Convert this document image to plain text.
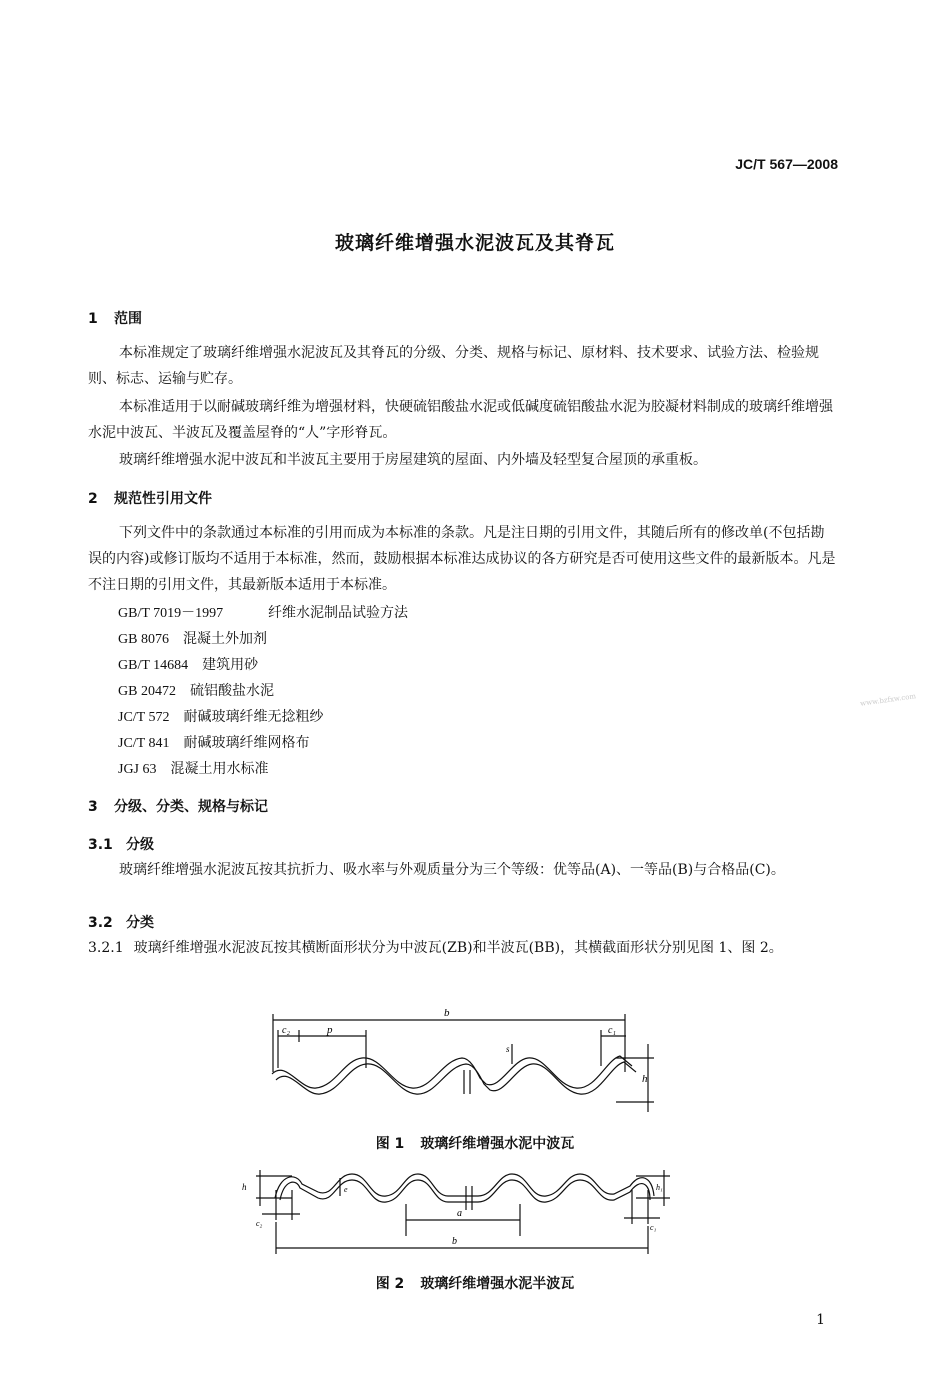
JC/T 567—2008
玻璃纤维增强水泥波瓦及其脊瓦
1 范围
本标准规定了玻璃纤维增强水泥波瓦及其脊瓦的分级、分类、规格与标记、原材料、技术要求、试验方法、检验规则、标志、运输与贮存。
本标准适用于以耐碱玻璃纤维为增强材料，快硬硫铝酸盐水泥或低碱度硫铝酸盐水泥为胶凝材料制成的玻璃纤维增强水泥中波瓦、半波瓦及覆盖屋脊的“人”字形脊瓦。
玻璃纤维增强水泥中波瓦和半波瓦主要用于房屋建筑的屋面、内外墙及轻型复合屋顶的承重板。
2 规范性引用文件
下列文件中的条款通过本标准的引用而成为本标准的条款。凡是注日期的引用文件，其随后所有的修改单(不包括勘误的内容)或修订版均不适用于本标准，然而，鼓励根据本标准达成协议的各方研究是否可使用这些文件的最新版本。凡是不注日期的引用文件，其最新版本适用于本标准。
GB/T 7019－1997	纤维水泥制品试验方法
GB 8076 混凝土外加剂
GB/T 14684 建筑用砂
GB 20472 硫铝酸盐水泥
JC/T 572 耐碱玻璃纤维无捻粗纱
JC/T 841 耐碱玻璃纤维网格布
JGJ 63 混凝土用水标准
www.bzfxw.com
3 分级、分类、规格与标记
3.1 分级
玻璃纤维增强水泥波瓦按其抗折力、吸水率与外观质量分为三个等级：优等品(A)、一等品(B)与合格品(C)。
3.2 分类
3.2.1 玻璃纤维增强水泥波瓦按其横断面形状分为中波瓦(ZB)和半波瓦(BB)，其横截面形状分别见图 1、图 2。
b
c₂	p	c₁
s
h
图 1 玻璃纤维增强水泥中波瓦
h
c₂
e
a
h₁
c₁
b
图 2 玻璃纤维增强水泥半波瓦
1
